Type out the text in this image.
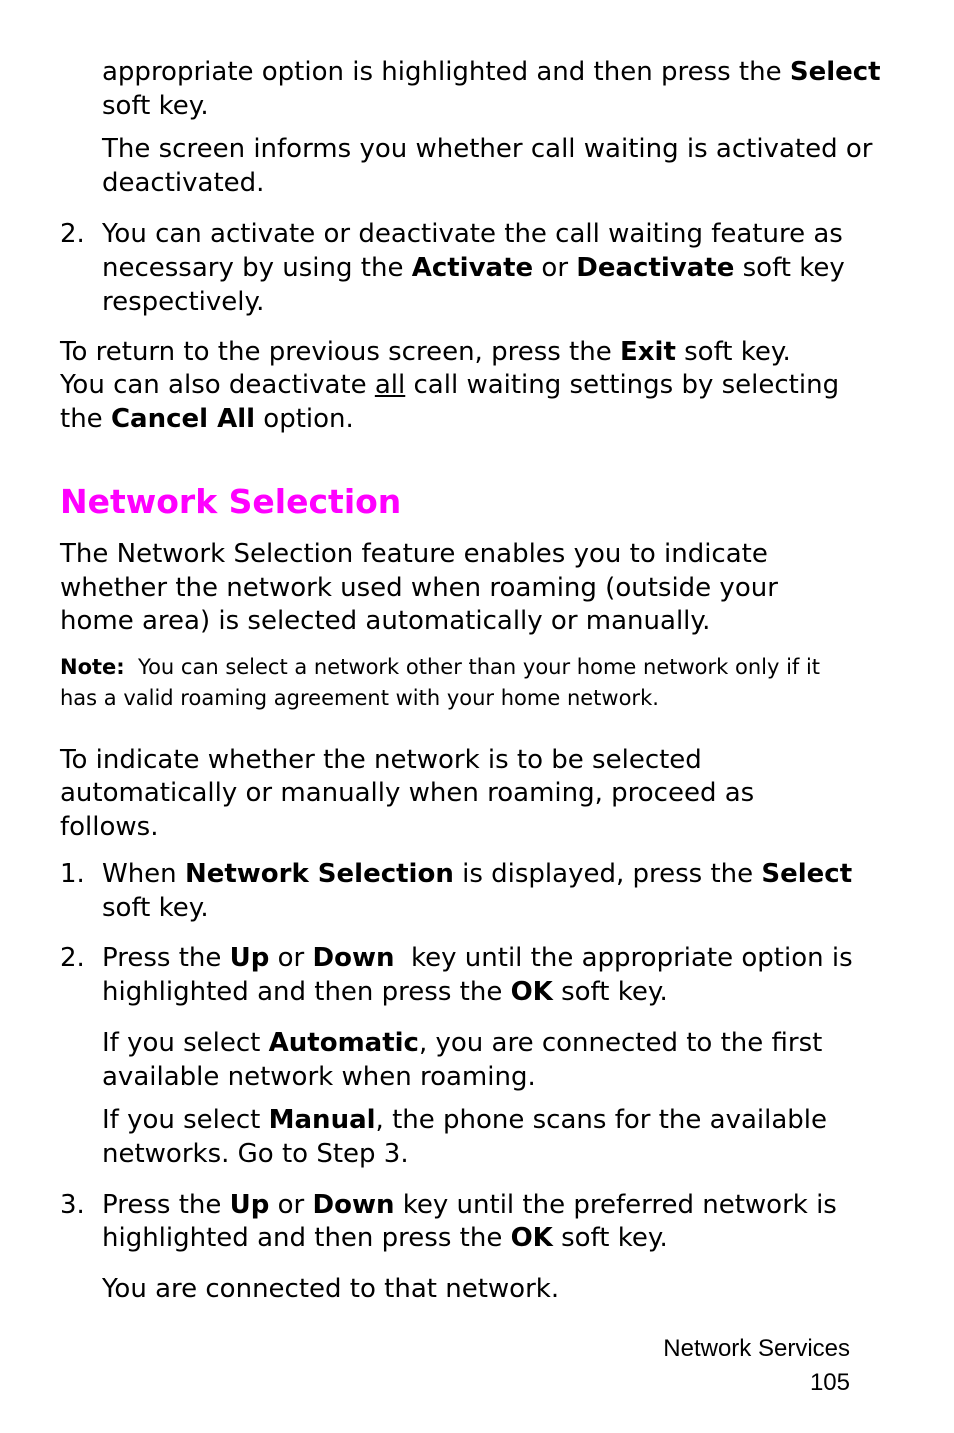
appropriate option is highlighted and then press the Select
soft key.
The screen informs you whether call waiting is activated or
deactivated.
2. You can activate or deactivate the call waiting feature as
necessary by using the Activate or Deactivate soft key
respectively.
To return to the previous screen, press the Exit soft key.
You can also deactivate all call waiting settings by selecting
the Cancel All option.
Network Selection
The Network Selection feature enables you to indicate
whether the network used when roaming (outside your
home area) is selected automatically or manually.
Note: You can select a network other than your home network only if it
has a valid roaming agreement with your home network.
To indicate whether the network is to be selected
automatically or manually when roaming, proceed as
follows.
1. When Network Selection is displayed, press the Select
soft key.
2. Press the Up or Down  key until the appropriate option is
highlighted and then press the OK soft key.
If you select Automatic, you are connected to the first
available network when roaming.
If you select Manual, the phone scans for the available
networks. Go to Step 3.
3. Press the Up or Down key until the preferred network is
highlighted and then press the OK soft key.
You are connected to that network.
Network Services
105
